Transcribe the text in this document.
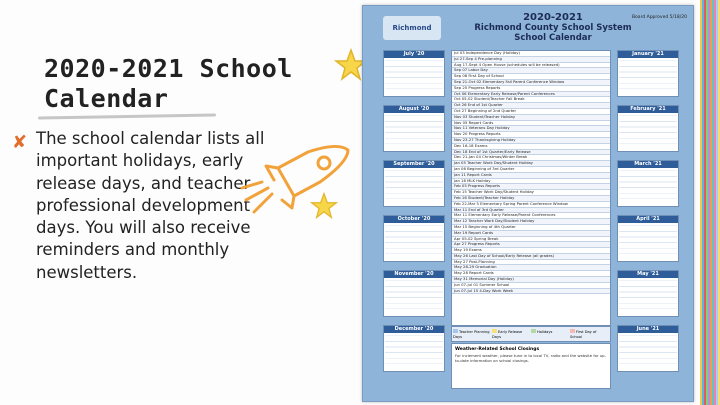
2020-2021 School
Calendar
✘ The school calendar lists all important holidays, early release days, and teacher professional development days. You will also receive reminders and monthly newsletters.
Richmond
2020-2021
Richmond County School System
School Calendar
Board Approved 5/18/20
July '20
August '20
September '20
October '20
November '20
December '20
January '21
February '21
March '21
April '21
May '21
June '21
Jul 03 Independence Day (Holiday)
Jul 27-Sep 4 Pre-planning
Aug 17-Sept 4 Open House (schedules will be released)
Sep 07 Labor Day
Sep 08 First Day of School
Sep 21-Oct 02 Elementary Fall Parent Conference Window
Sep 25 Progress Reports
Oct 06 Elementary Early Release/Parent Conferences
Oct 05-02 Student/Teacher Fall Break
Oct 26 End of 1st Quarter
Oct 27 Beginning of 2nd Quarter
Nov 03 Student/Teacher Holiday
Nov 05 Report Cards
Nov 11 Veterans Day Holiday
Nov 20 Progress Reports
Nov 23-27 Thanksgiving Holiday
Dec 16-18 Exams
Dec 18 End of 1st Quarter/Early Release
Dec 21-Jan 04 Christmas/Winter Break
Jan 05 Teacher Work Day/Student Holiday
Jan 06 Beginning of 3rd Quarter
Jan 11 Report Cards
Jan 18 MLK Holiday
Feb 05 Progress Reports
Feb 15 Teacher Work Day/Student Holiday
Feb 16 Student/Teacher Holiday
Feb 22-Mar 5 Elementary Spring Parent Conference Window
Mar 11 End of 3rd Quarter
Mar 11 Elementary Early Release/Parent Conferences
Mar 12 Teacher Work Day/Student Holiday
Mar 15 Beginning of 4th Quarter
Mar 19 Report Cards
Apr 05-02 Spring Break
Apr 27 Progress Reports
May 19 Exams
May 26 Last Day of School/Early Release (all grades)
May 27 Post-Planning
May 28-29 Graduation
May 28 Report Cards
May 31 Memorial Day (Holiday)
Jun 07-Jul 01 Summer School
Jun 07-Jul 15 4-Day Work Week
Teacher Planning DaysEarly Release DaysHolidays	First Day of School
Weather-Related School Closings
For inclement weather, please tune in to local TV, radio and the website for up-to-date information on school closings.
